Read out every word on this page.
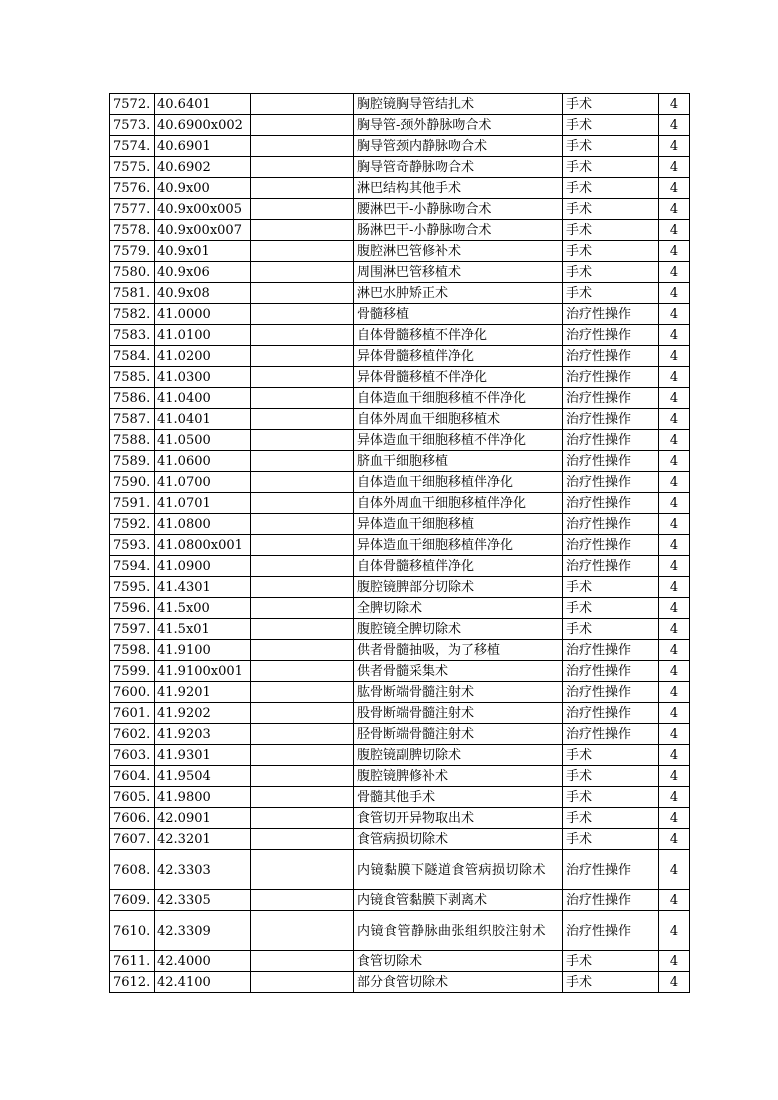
7572.	40.6401		胸腔镜胸导管结扎术	手术	4
7573.	40.6900x002		胸导管-颈外静脉吻合术	手术	4
7574.	40.6901		胸导管颈内静脉吻合术	手术	4
7575.	40.6902		胸导管奇静脉吻合术	手术	4
7576.	40.9x00		淋巴结构其他手术	手术	4
7577.	40.9x00x005		腰淋巴干-小静脉吻合术	手术	4
7578.	40.9x00x007		肠淋巴干-小静脉吻合术	手术	4
7579.	40.9x01		腹腔淋巴管修补术	手术	4
7580.	40.9x06		周围淋巴管移植术	手术	4
7581.	40.9x08		淋巴水肿矫正术	手术	4
7582.	41.0000		骨髓移植	治疗性操作	4
7583.	41.0100		自体骨髓移植不伴净化	治疗性操作	4
7584.	41.0200		异体骨髓移植伴净化	治疗性操作	4
7585.	41.0300		异体骨髓移植不伴净化	治疗性操作	4
7586.	41.0400		自体造血干细胞移植不伴净化	治疗性操作	4
7587.	41.0401		自体外周血干细胞移植术	治疗性操作	4
7588.	41.0500		异体造血干细胞移植不伴净化	治疗性操作	4
7589.	41.0600		脐血干细胞移植	治疗性操作	4
7590.	41.0700		自体造血干细胞移植伴净化	治疗性操作	4
7591.	41.0701		自体外周血干细胞移植伴净化	治疗性操作	4
7592.	41.0800		异体造血干细胞移植	治疗性操作	4
7593.	41.0800x001		异体造血干细胞移植伴净化	治疗性操作	4
7594.	41.0900		自体骨髓移植伴净化	治疗性操作	4
7595.	41.4301		腹腔镜脾部分切除术	手术	4
7596.	41.5x00		全脾切除术	手术	4
7597.	41.5x01		腹腔镜全脾切除术	手术	4
7598.	41.9100		供者骨髓抽吸，为了移植	治疗性操作	4
7599.	41.9100x001		供者骨髓采集术	治疗性操作	4
7600.	41.9201		肱骨断端骨髓注射术	治疗性操作	4
7601.	41.9202		股骨断端骨髓注射术	治疗性操作	4
7602.	41.9203		胫骨断端骨髓注射术	治疗性操作	4
7603.	41.9301		腹腔镜副脾切除术	手术	4
7604.	41.9504		腹腔镜脾修补术	手术	4
7605.	41.9800		骨髓其他手术	手术	4
7606.	42.0901		食管切开异物取出术	手术	4
7607.	42.3201		食管病损切除术	手术	4
7608.	42.3303		内镜黏膜下隧道食管病损切除术	治疗性操作	4
7609.	42.3305		内镜食管黏膜下剥离术	治疗性操作	4
7610.	42.3309		内镜食管静脉曲张组织胶注射术	治疗性操作	4
7611.	42.4000		食管切除术	手术	4
7612.	42.4100		部分食管切除术	手术	4
